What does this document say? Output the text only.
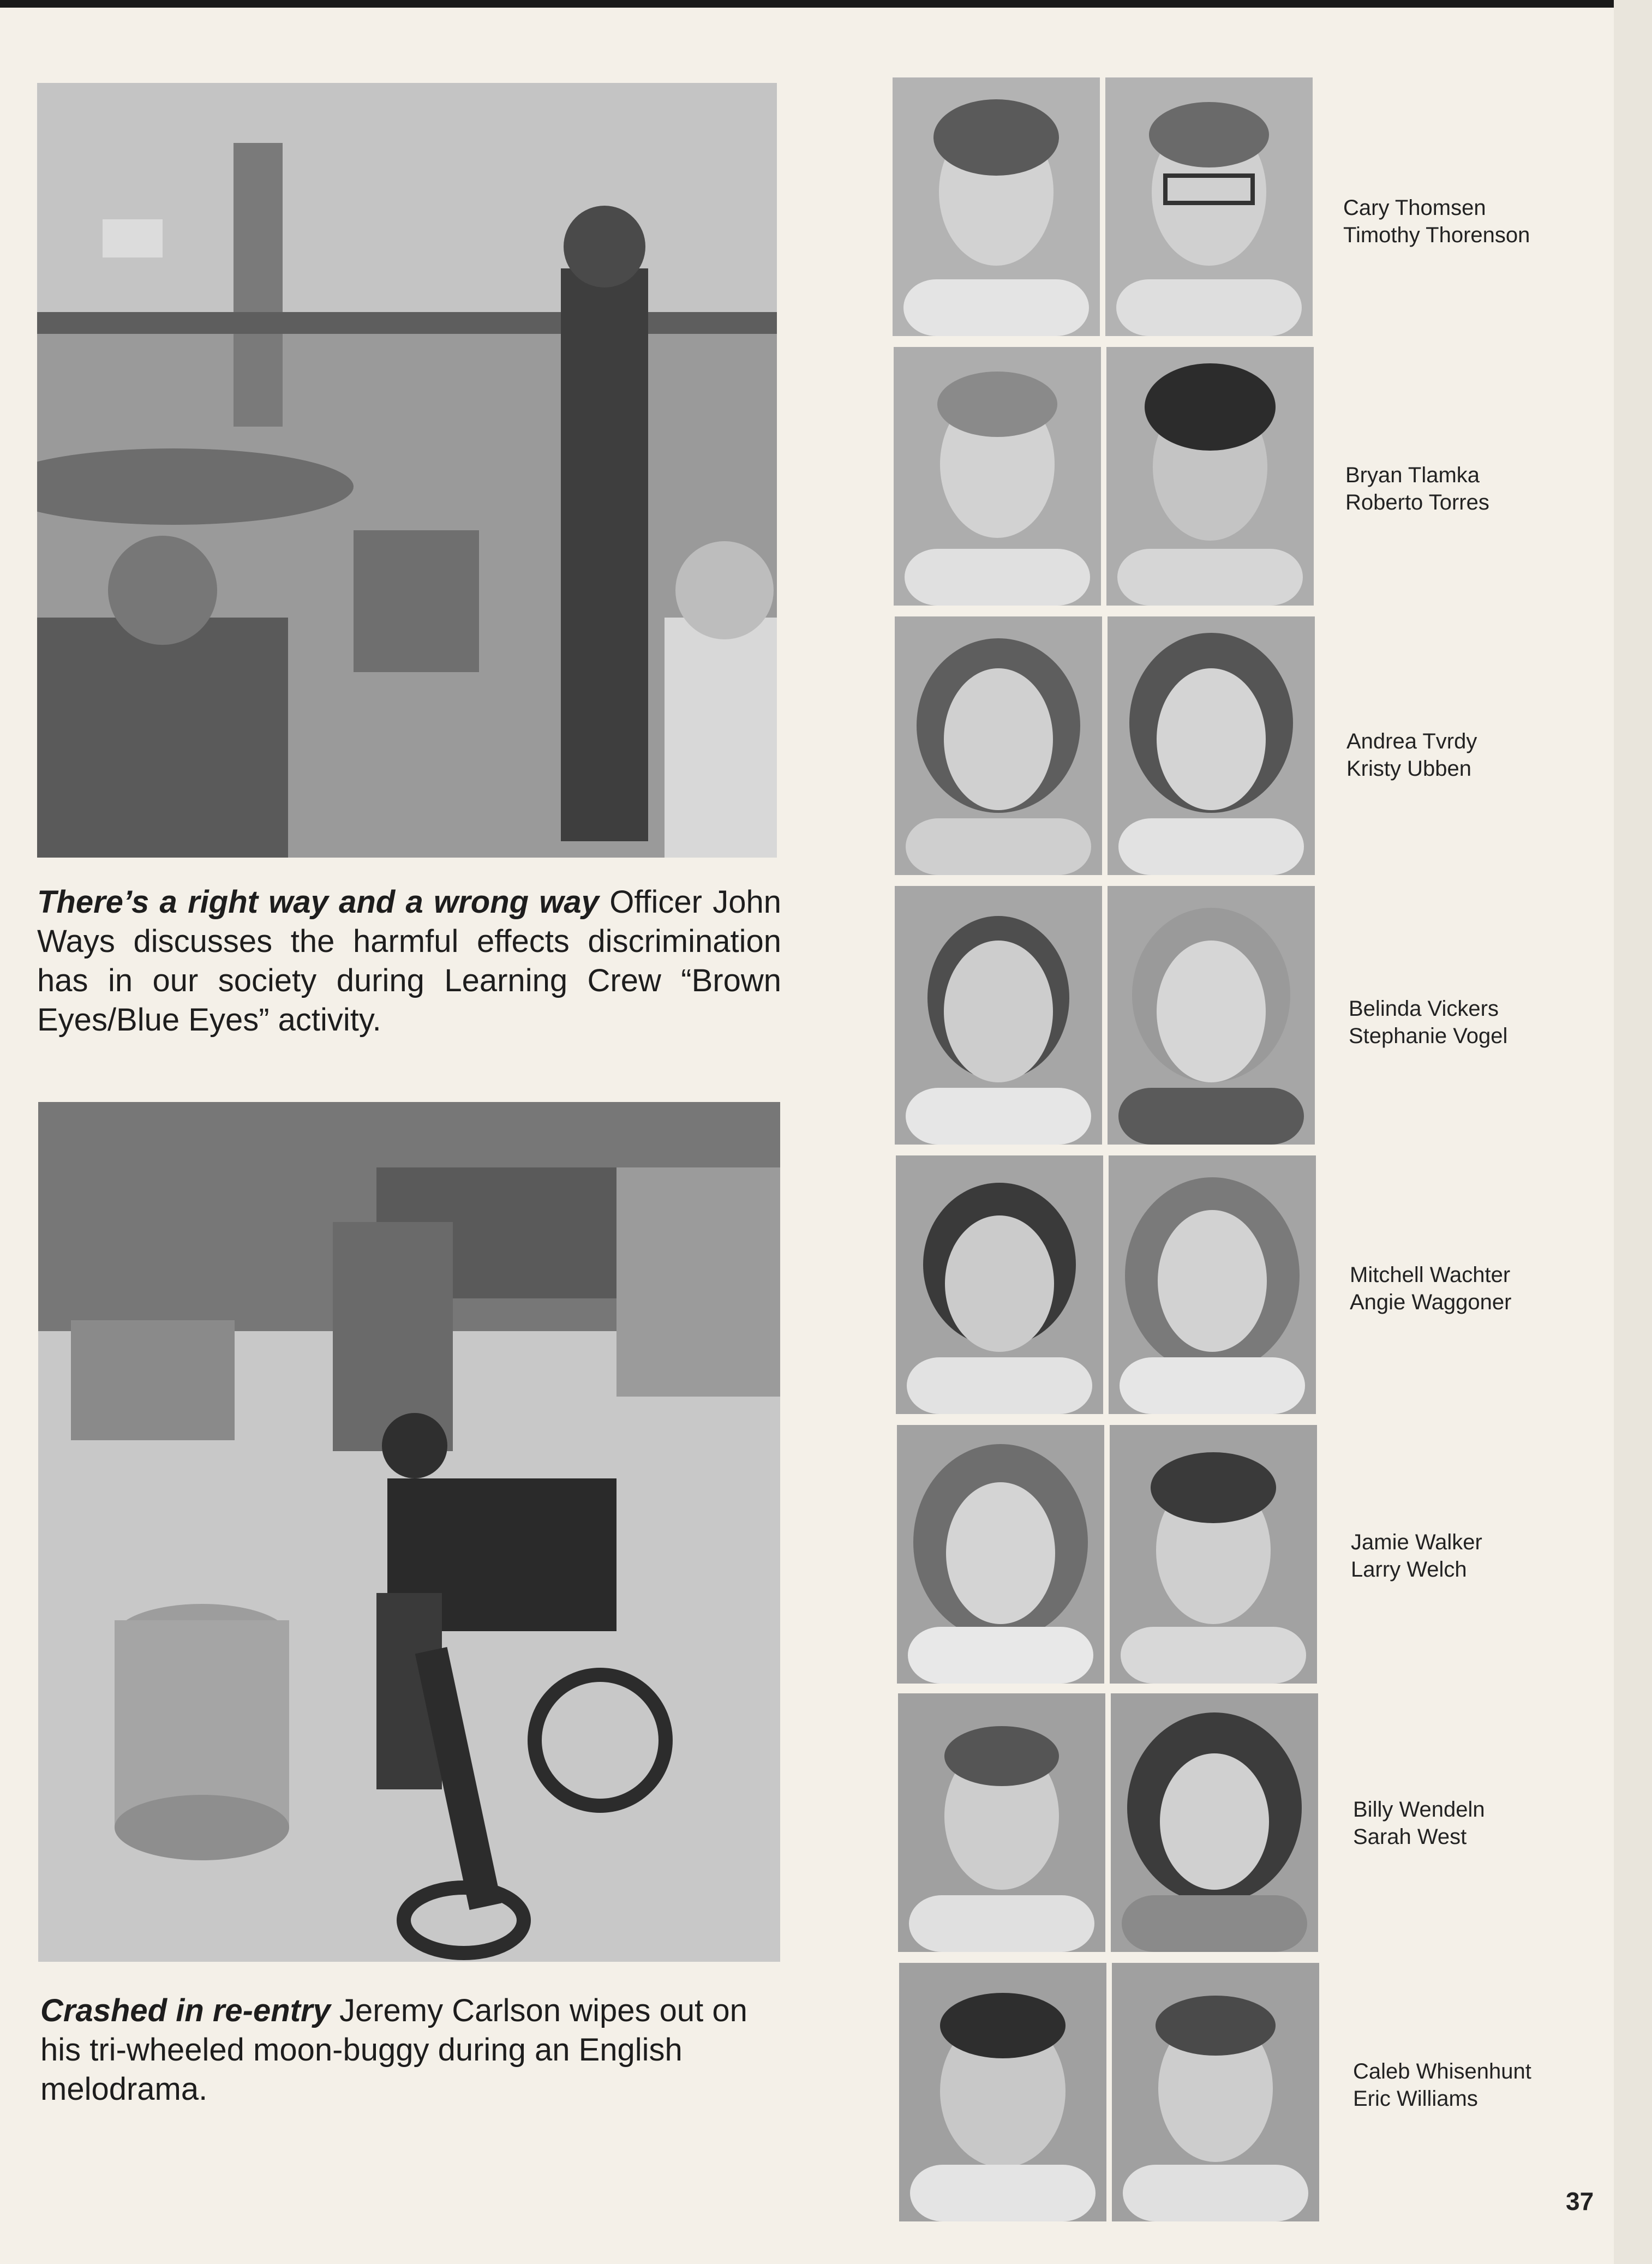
There’s a right way and a wrong way Officer John Ways discusses the harmful effects discrimination has in our society during Learning Crew “Brown Eyes/Blue Eyes” activity.

Crashed in re-entry Jeremy Carlson wipes out on his tri-wheeled moon-buggy during an English melodrama.

Cary Thomsen
Timothy Thorenson
Bryan Tlamka
Roberto Torres
Andrea Tvrdy
Kristy Ubben
Belinda Vickers
Stephanie Vogel
Mitchell Wachter
Angie Waggoner
Jamie Walker
Larry Welch
Billy Wendeln
Sarah West
Caleb Whisenhunt
Eric Williams
37
